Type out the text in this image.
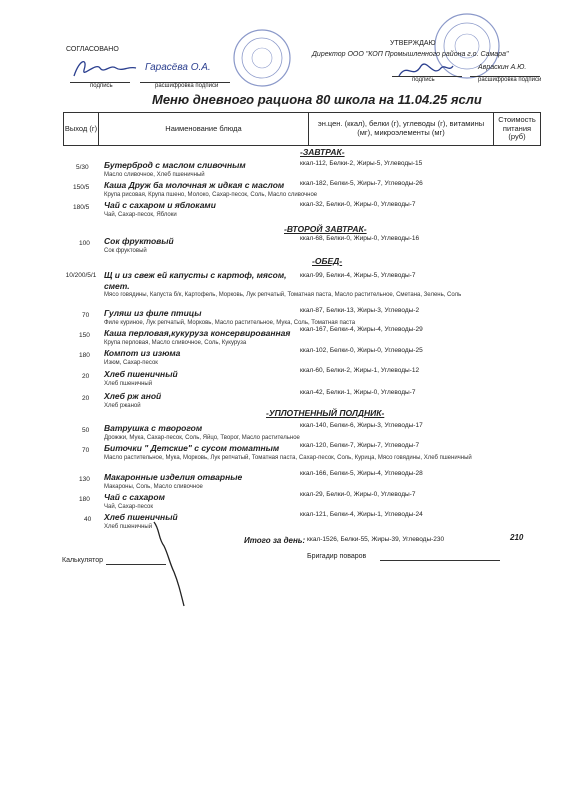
СОГЛАСОВАНО
подпись
Гарасёва О.А.
расшифровка подписи
УТВЕРЖДАЮ
Директор ООО "КОП Промышленного района г.о. Самара"
Авраскин А.Ю.
подпись	расшифровка подписи
Меню дневного рациона 80 школа на 11.04.25 ясли
Выход (г)	Наименование блюда	эн.цен. (ккал), белки (г), углеводы (г), витамины (мг), микроэлементы (мг)
Стоимость питания (руб)
-ЗАВТРАК-
5/30 Бутерброд с маслом сливочным	ккал-112, Белки-2, Жиры-5, Углеводы-15
Масло сливочное, Хлеб пшеничный
150/5 Каша Друж ба молочная ж идкая с маслом ккал-182, Белки-5, Жиры-7, Углеводы-26
Крупа рисовая, Крупа пшено, Молоко, Сахар-песок, Соль, Масло сливочное
180/5 Чай с сахаром и яблоками	ккал-32, Белки-0, Жиры-0, Углеводы-7
Чай, Сахар-песок, Яблоки
-ВТОРОЙ ЗАВТРАК-
100 Сок фруктовый	ккал-68, Белки-0, Жиры-0, Углеводы-16
Сок фруктовый
-ОБЕД-
10/200/5/1 Щ и из свеж ей капусты с картоф, мясом, смет.
ккал-99, Белки-4, Жиры-5, Углеводы-7
Мясо говядины, Капуста б/к, Картофель, Морковь, Лук репчатый, Томатная паста, Масло растительное, Сметана, Зелень, Соль
70 Гуляш из филе птицы	ккал-87, Белки-13, Жиры-3, Углеводы-2
Филе куриное, Лук репчатый, Морковь, Масло растительное, Мука, Соль, Томатная паста
150 Каша перловая,кукуруза консервированная ккал-167, Белки-4, Жиры-4, Углеводы-29
Крупа перловая, Масло сливочное, Соль, Кукуруза
180 Компот из изюма	ккал-102, Белки-0, Жиры-0, Углеводы-25
Изюм, Сахар-песок
20 Хлеб пшеничный	ккал-60, Белки-2, Жиры-1, Углеводы-12
Хлеб пшеничный
20 Хлеб рж аной	ккал-42, Белки-1, Жиры-0, Углеводы-7
Хлеб ржаной
-УПЛОТНЕННЫЙ ПОЛДНИК-
50 Ватрушка с творогом	ккал-140, Белки-6, Жиры-3, Углеводы-17
Дрожжи, Мука, Сахар-песок, Соль, Яйцо, Творог, Масло растительное
70 Биточки " Детские" с сусом томатным	ккал-120, Белки-7, Жиры-7, Углеводы-7
Масло растительное, Мука, Морковь, Лук репчатый, Томатная паста, Сахар-песок, Соль, Курица, Мясо говядины, Хлеб пшеничный
130 Макаронные изделия отварные	ккал-166, Белки-5, Жиры-4, Углеводы-28
Макароны, Соль, Масло сливочное
180 Чай с сахаром	ккал-29, Белки-0, Жиры-0, Углеводы-7
Чай, Сахар-песок
40 Хлеб пшеничный	ккал-121, Белки-4, Жиры-1, Углеводы-24
Хлеб пшеничный
Итого за день: ккал-1526, Белки-55, Жиры-39, Углеводы-230	210
Калькулятор
Бригадир поваров
